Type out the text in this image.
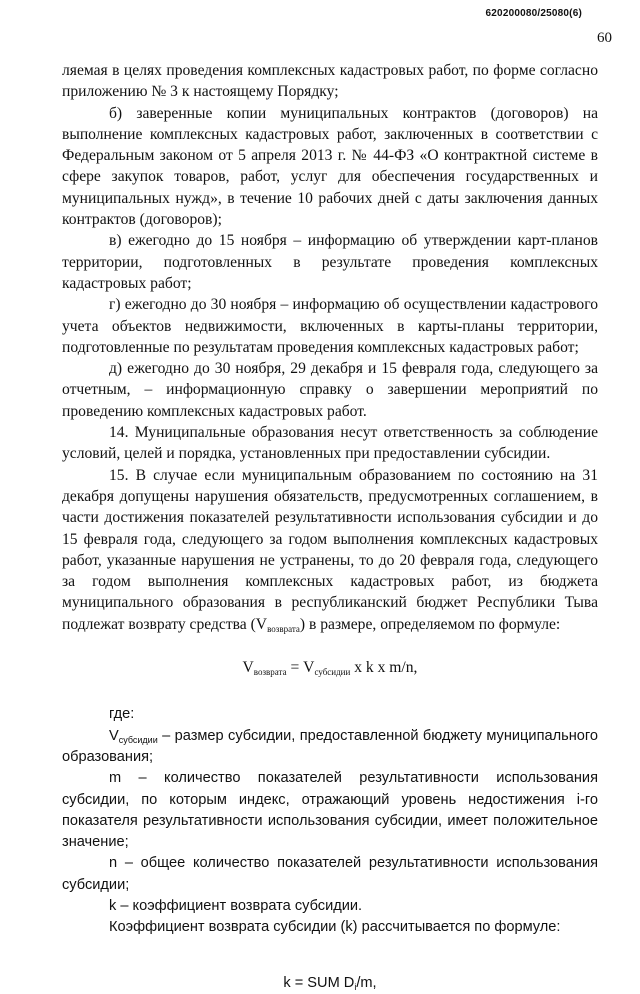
620200080/25080(6)
60

ляемая в целях проведения комплексных кадастровых работ, по форме согласно приложению № 3 к настоящему Порядку;

б) заверенные копии муниципальных контрактов (договоров) на выполнение комплексных кадастровых работ, заключенных в соответствии с Федеральным законом от 5 апреля 2013 г. № 44-ФЗ «О контрактной системе в сфере закупок товаров, работ, услуг для обеспечения государственных и муниципальных нужд», в течение 10 рабочих дней с даты заключения данных контрактов (договоров);

в) ежегодно до 15 ноября – информацию об утверждении карт-планов территории, подготовленных в результате проведения комплексных кадастровых работ;

г) ежегодно до 30 ноября – информацию об осуществлении кадастрового учета объектов недвижимости, включенных в карты-планы территории, подготовленные по результатам проведения комплексных кадастровых работ;

д) ежегодно до 30 ноября, 29 декабря и 15 февраля года, следующего за отчетным, – информационную справку о завершении мероприятий по проведению комплексных кадастровых работ.

14. Муниципальные образования несут ответственность за соблюдение условий, целей и порядка, установленных при предоставлении субсидии.

15. В случае если муниципальным образованием по состоянию на 31 декабря допущены нарушения обязательств, предусмотренных соглашением, в части достижения показателей результативности использования субсидии и до 15 февраля года, следующего за годом выполнения комплексных кадастровых работ, указанные нарушения не устранены, то до 20 февраля года, следующего за годом выполнения комплексных кадастровых работ, из бюджета муниципального образования в республиканский бюджет Республики Тыва подлежат возврату средства $(V_{возврата})$ в размере, определяемом по формуле:

$V_{возврата} = V_{субсидии}$ x k x m/n,

где:

$V_{субсидии}$ – размер субсидии, предоставленной бюджету муниципального образования;

m – количество показателей результативности использования субсидии, по которым индекс, отражающий уровень недостижения i-го показателя результативности использования субсидии, имеет положительное значение;

n – общее количество показателей результативности использования субсидии;

k – коэффициент возврата субсидии.

Коэффициент возврата субсидии (k) рассчитывается по формуле:

k = SUM $D_i/m$,
